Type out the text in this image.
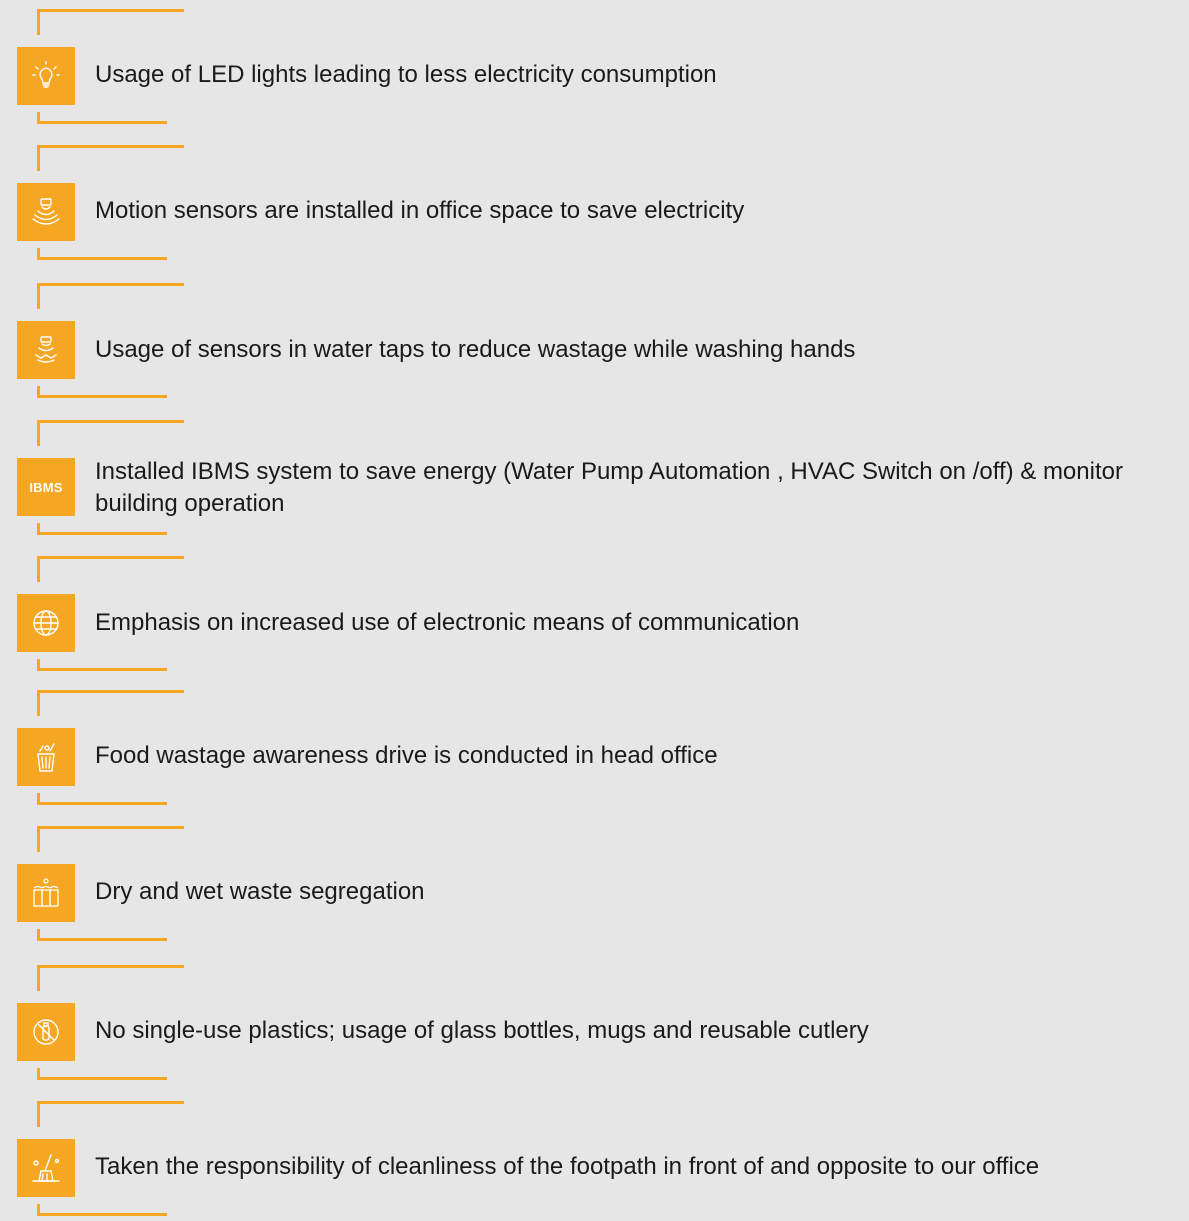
Usage of LED lights leading to less electricity consumption
Motion sensors are installed in office space to save electricity
Usage of sensors in water taps to reduce wastage while washing hands
IBMS
Installed IBMS system to save energy (Water Pump Automation , HVAC Switch on /off) & monitor building operation
Emphasis on increased use of electronic means of communication
Food wastage awareness drive is conducted in head office
Dry and wet waste segregation
No single-use plastics; usage of glass bottles, mugs and reusable cutlery
Taken the responsibility of cleanliness of the footpath in front of and opposite to our office
